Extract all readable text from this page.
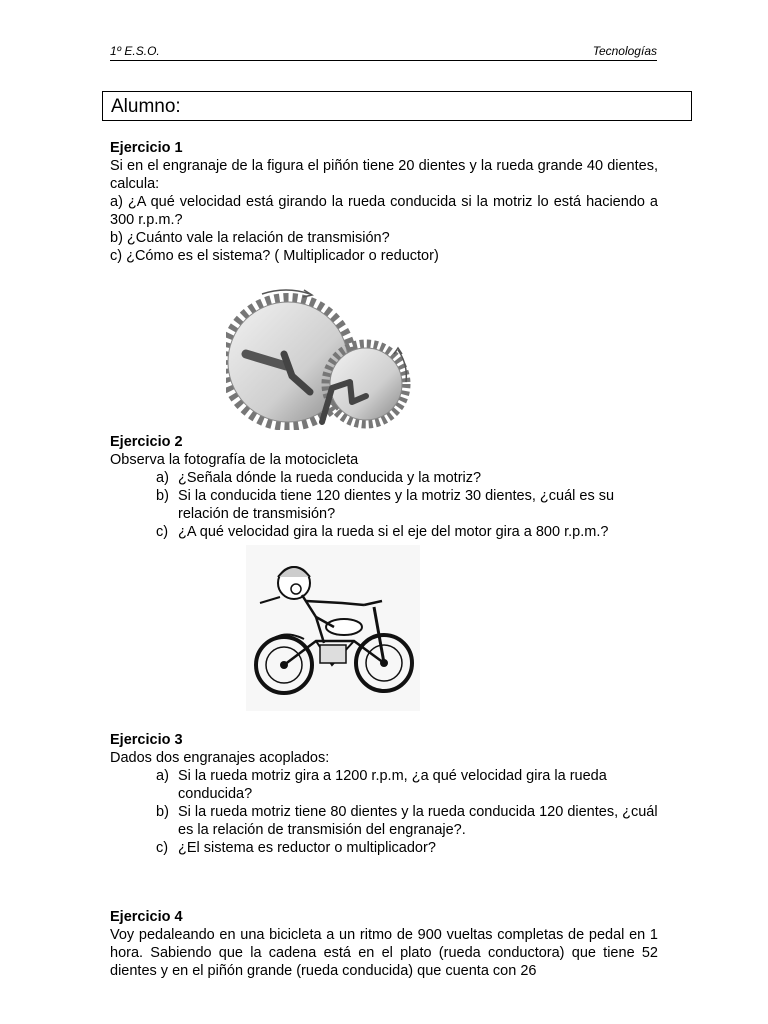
1º E.S.O.	Tecnologías
Alumno:
Ejercicio 1

Si en el engranaje de la figura el piñón tiene 20 dientes y la rueda grande 40 dientes, calcula:

a) ¿A qué velocidad está girando la rueda conducida si la motriz lo está haciendo a 300 r.p.m.?

b) ¿Cuánto vale la relación de transmisión?

c) ¿Cómo es el sistema? ( Multiplicador o reductor)

Ejercicio 2

Observa la fotografía de la motocicleta

a) ¿Señala dónde la rueda conducida y la motriz?
b) Si la conducida tiene 120 dientes y la motriz 30 dientes, ¿cuál es su relación de transmisión?
c) ¿A qué velocidad gira la rueda si el eje del motor gira a 800 r.p.m.?
Ejercicio 3

Dados dos engranajes acoplados:

a) Si la rueda motriz gira a 1200 r.p.m, ¿a qué velocidad gira la rueda conducida?
b) Si la rueda motriz tiene 80 dientes y la rueda conducida 120 dientes, ¿cuál es la relación de transmisión del engranaje?.
c) ¿El sistema es reductor o multiplicador?
Ejercicio 4

Voy pedaleando en una bicicleta a un ritmo de 900 vueltas completas de pedal en 1 hora. Sabiendo que la cadena está en el plato (rueda conductora) que tiene 52 dientes y en el piñón grande (rueda conducida) que cuenta con 26
